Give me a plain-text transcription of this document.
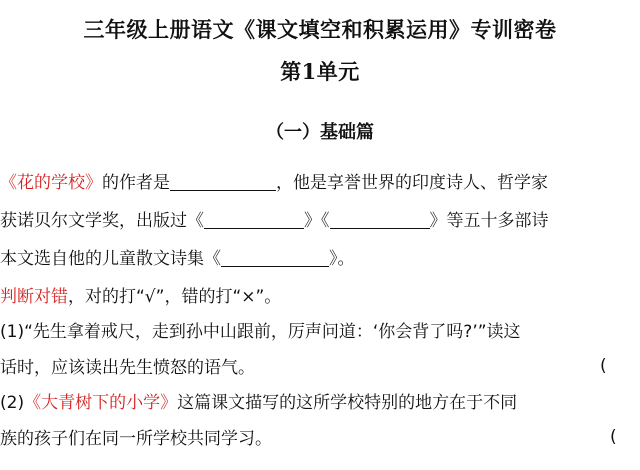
三年级上册语文《课文填空和积累运用》专训密卷
第1单元
（一）基础篇
《花的学校》的作者是	，他是享誉世界的印度诗人、哲学家
获诺贝尔文学奖，出版过《	》《	》等五十多部诗
本文选自他的儿童散文诗集《	》。
判断对错，对的打“√”，错的打“×”。
(1)“先生拿着戒尺，走到孙中山跟前，厉声问道：‘你会背了吗?’”读这
话时，应该读出先生愤怒的语气。	(
(2)《大青树下的小学》这篇课文描写的这所学校特别的地方在于不同
族的孩子们在同一所学校共同学习。	(
